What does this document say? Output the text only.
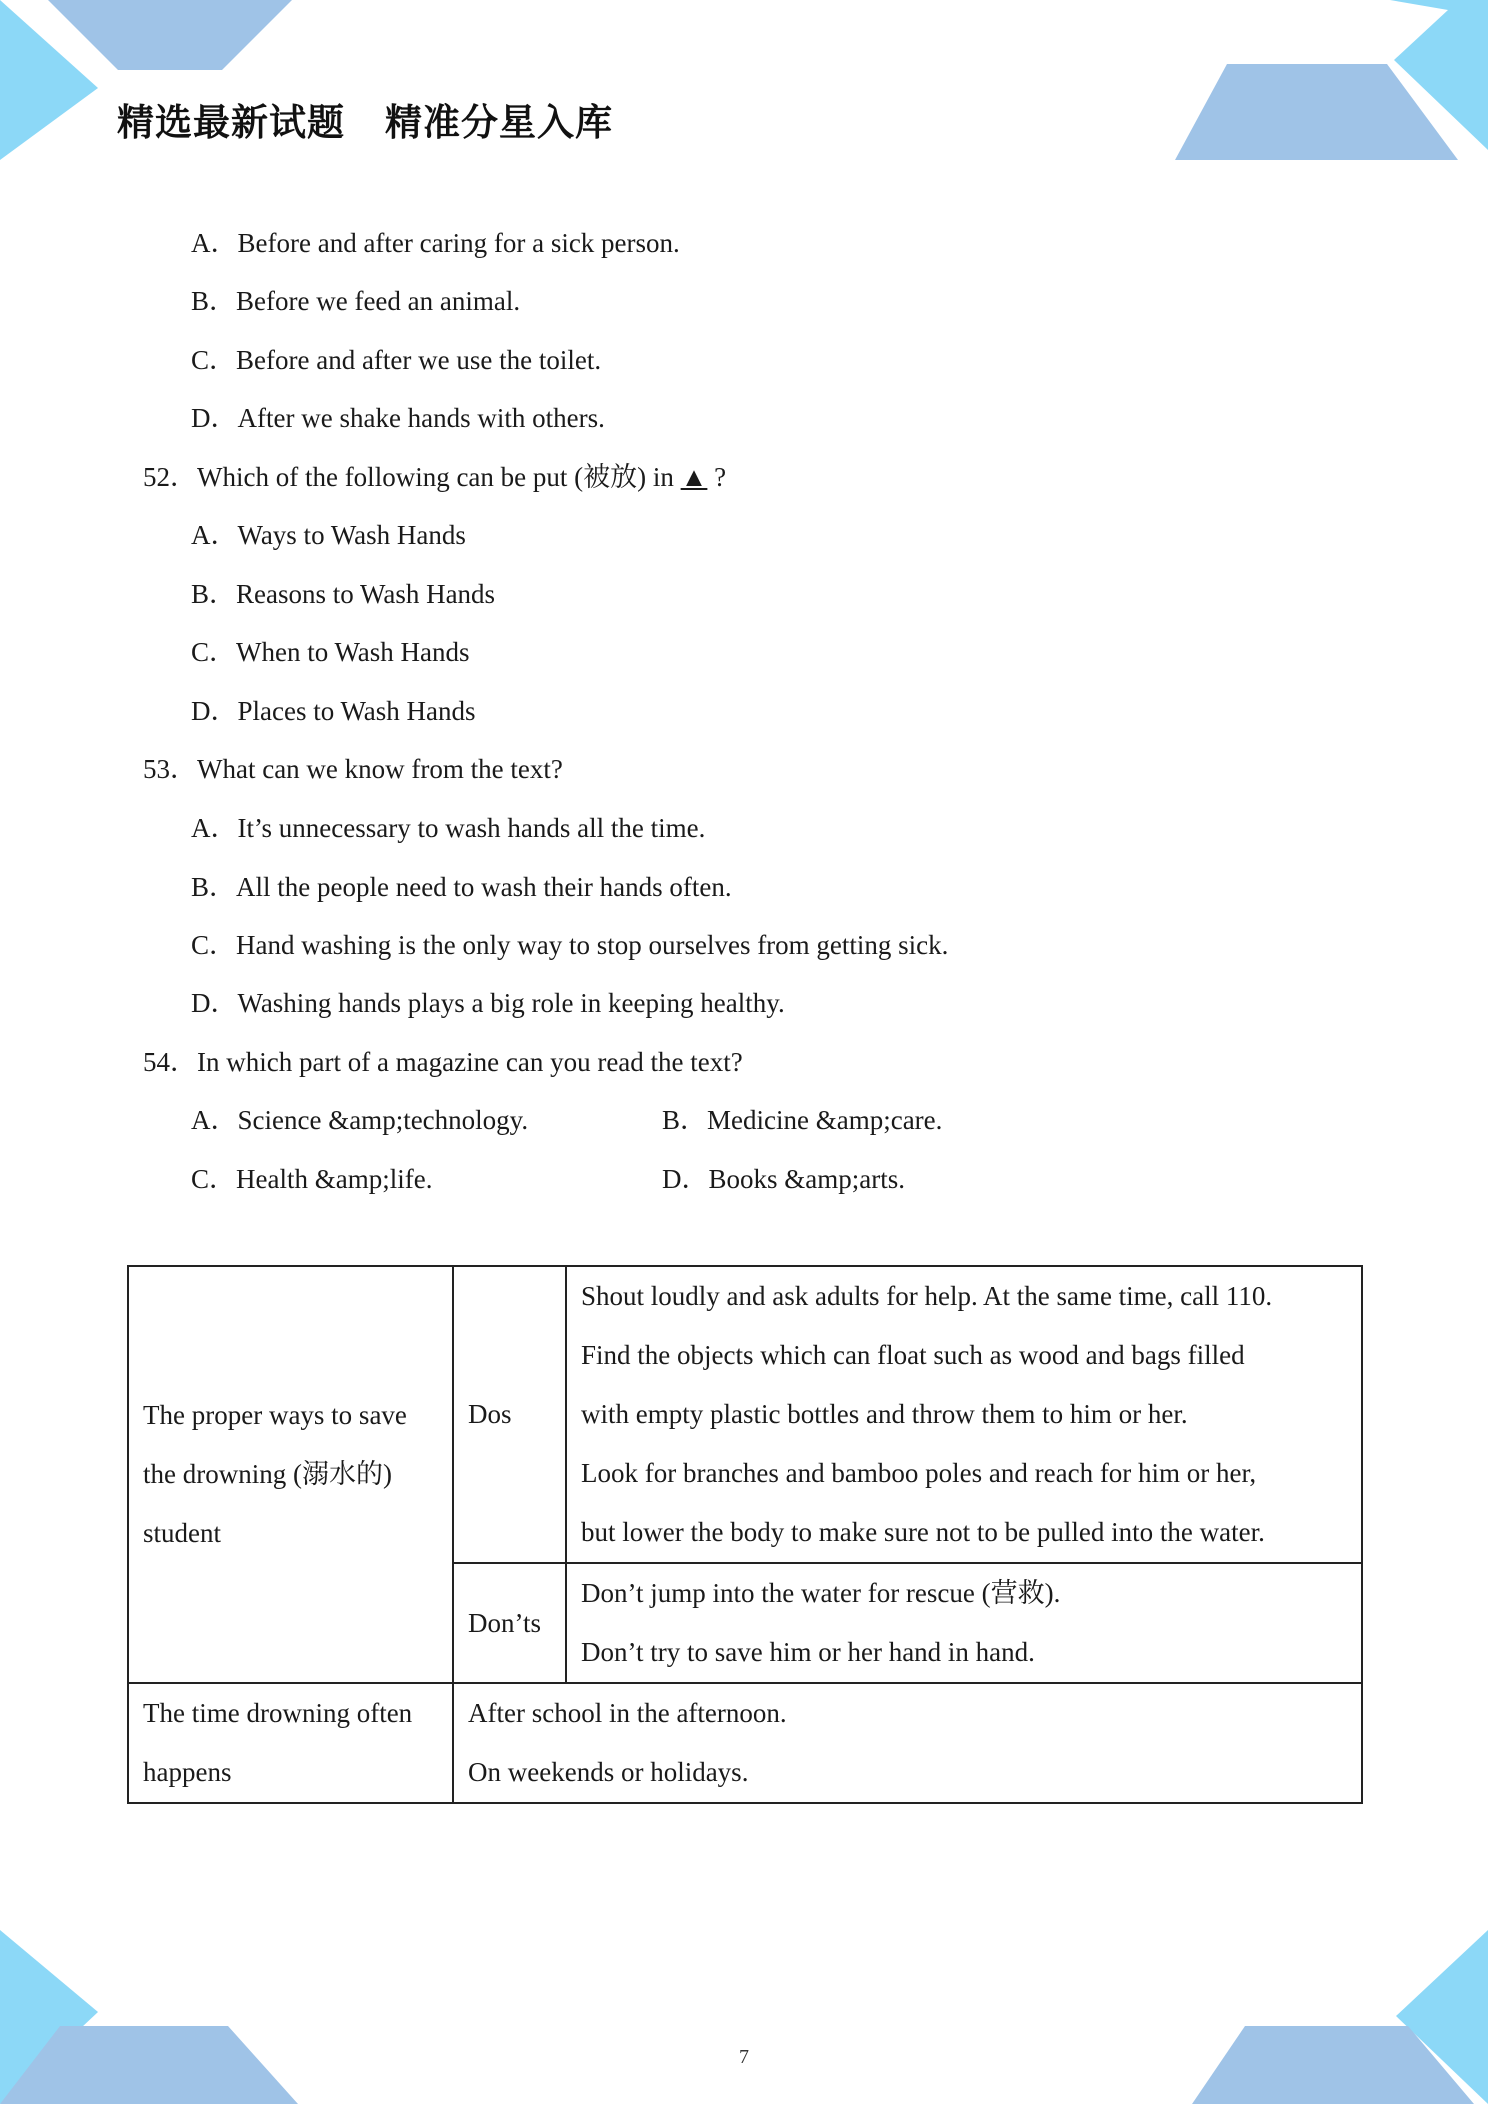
精选最新试题 精准分星入库
A．Before and after caring for a sick person.
B．Before we feed an animal.
C．Before and after we use the toilet.
D．After we shake hands with others.
52．Which of the following can be put (被放) in ▲ ?
A．Ways to Wash Hands
B．Reasons to Wash Hands
C．When to Wash Hands
D．Places to Wash Hands
53．What can we know from the text?
A．It’s unnecessary to wash hands all the time.
B．All the people need to wash their hands often.
C．Hand washing is the only way to stop ourselves from getting sick.
D．Washing hands plays a big role in keeping healthy.
54．In which part of a magazine can you read the text?
A．Science &amp;technology.	B．Medicine &amp;care.
C．Health &amp;life.	D．Books &amp;arts.
The proper ways to save the drowning (溺水的) student	Dos	Shout loudly and ask adults for help. At the same time, call 110.
Find the objects which can float such as wood and bags filled
with empty plastic bottles and throw them to him or her.
Look for branches and bamboo poles and reach for him or her,
but lower the body to make sure not to be pulled into the water.

	Don’ts	Don’t jump into the water for rescue (营救).
Don’t try to save him or her hand in hand.

The time drowning often happens	After school in the afternoon.
On weekends or holidays.	
7
